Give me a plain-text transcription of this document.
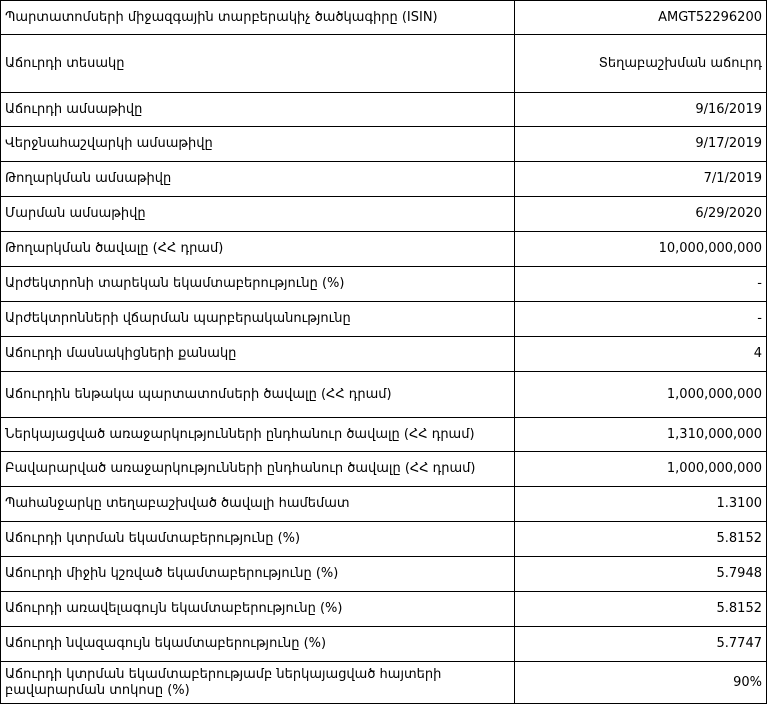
Պարտատոմսերի միջազգային տարբերակիչ ծածկագիրը (ISIN)	AMGT52296200
Աճուրդի տեսակը	Տեղաբաշխման աճուրդ
Աճուրդի ամսաթիվը	9/16/2019
Վերջնահաշվարկի ամսաթիվը	9/17/2019
Թողարկման ամսաթիվը	7/1/2019
Մարման ամսաթիվը	6/29/2020
Թողարկման ծավալը (ՀՀ դրամ)	10,000,000,000
Արժեկտրոնի տարեկան եկամտաբերությունը (%)	-
Արժեկտրոնների վճարման պարբերականությունը	-
Աճուրդի մասնակիցների քանակը	4
Աճուրդին ենթակա պարտատոմսերի ծավալը (ՀՀ դրամ)	1,000,000,000
Ներկայացված առաջարկությունների ընդհանուր ծավալը (ՀՀ դրամ)	1,310,000,000
Բավարարված առաջարկությունների ընդհանուր ծավալը (ՀՀ դրամ)	1,000,000,000
Պահանջարկը տեղաբաշխված ծավալի համեմատ	1.3100
Աճուրդի կտրման եկամտաբերությունը (%)	5.8152
Աճուրդի միջին կշռված եկամտաբերությունը (%)	5.7948
Աճուրդի առավելագույն եկամտաբերությունը (%)	5.8152
Աճուրդի նվազագույն եկամտաբերությունը (%)	5.7747
Աճուրդի կտրման եկամտաբերությամբ ներկայացված հայտերի բավարարման տոկոսը (%)	90%
